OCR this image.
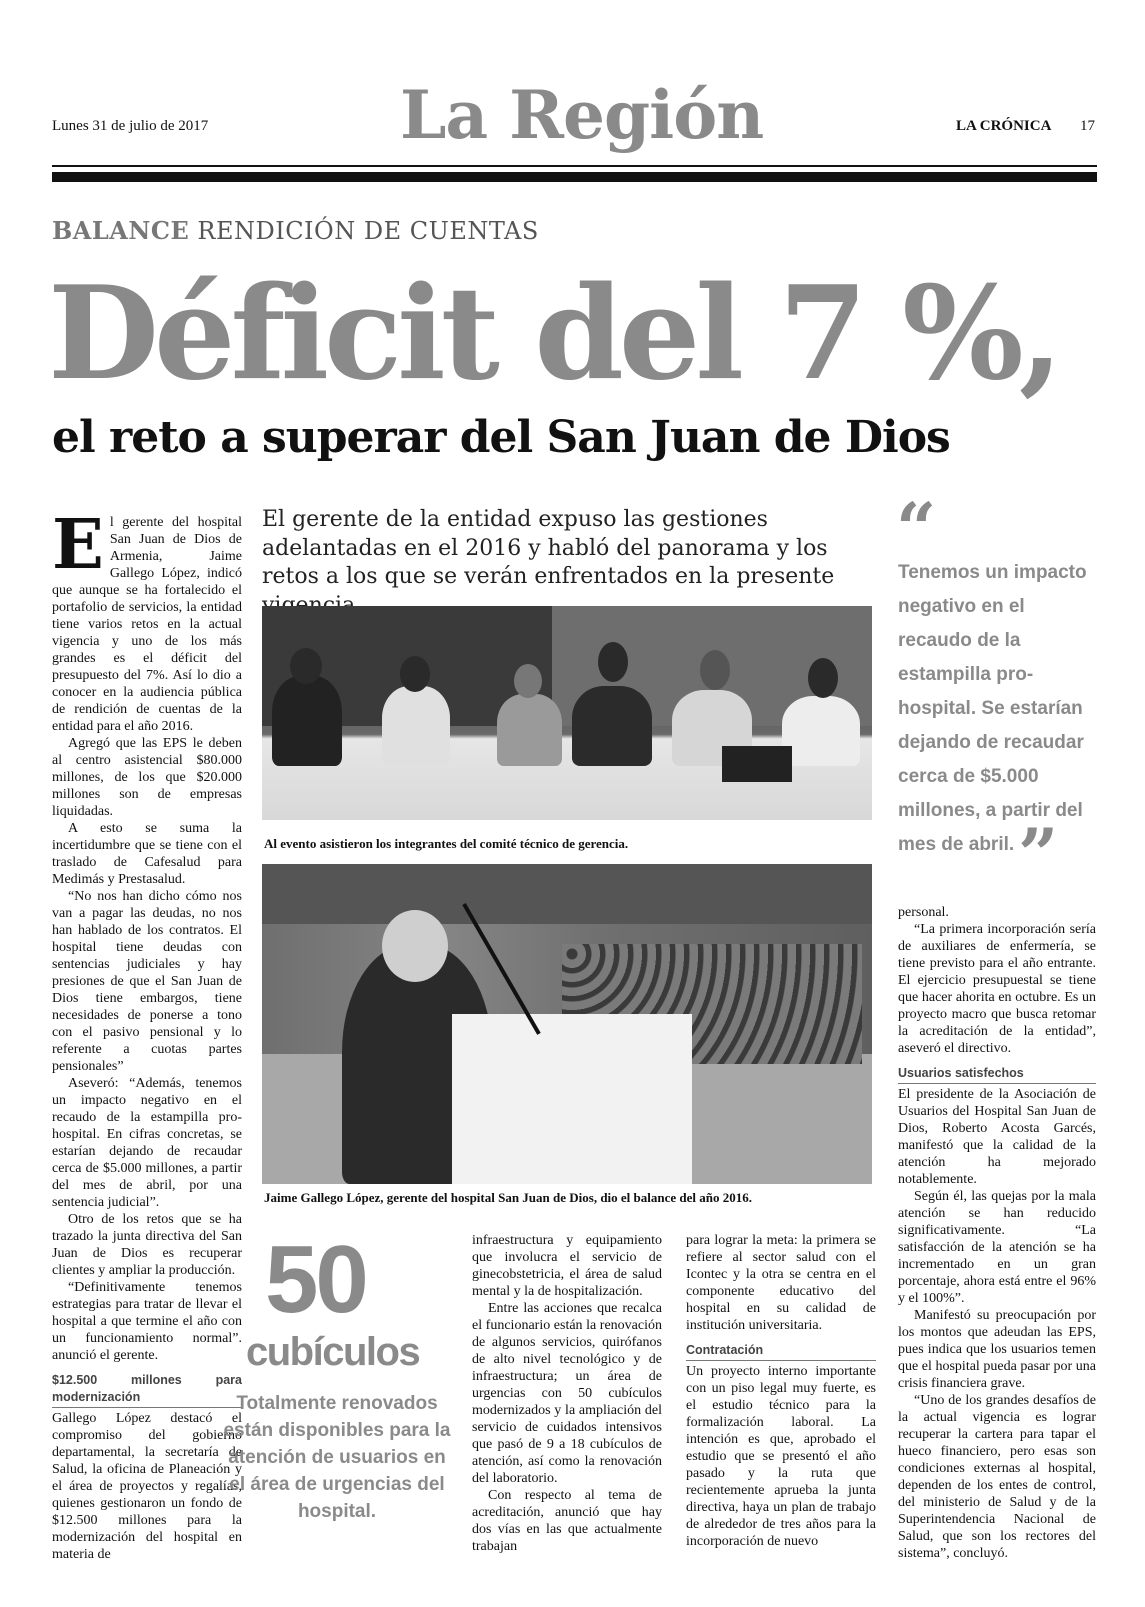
Lunes 31 de julio de 2017	La Región	LA CRÓNICA 17
BALANCE RENDICIÓN DE CUENTAS
Déficit del 7 %,
el reto a superar del San Juan de Dios
El gerente de la entidad expuso las gestiones adelantadas en el 2016 y habló del panorama y los retos a los que se verán enfrentados en la presente

El gerente del hospital San Juan de Dios de Armenia, Jaime Gallego López, indicó que aunque se ha fortalecido el portafolio de servicios, la entidad tiene varios retos en la actual vigencia y uno de los más grandes es el déficit del presupuesto del 7%. Así lo dio a conocer en la audiencia pública de rendición de cuentas de la entidad para el año 2016.

Agregó que las EPS le deben al centro asistencial $80.000 millones, de los que $20.000 millones son de empresas liquidadas.

A esto se suma la incertidumbre que se tiene con el traslado de Cafesalud para Medimás y Prestasalud.

“No nos han dicho cómo nos van a pagar las deudas, no nos han hablado de los contratos. El hospital tiene deudas con sentencias judiciales y hay presiones de que el San Juan de Dios tiene embargos, tiene necesidades de ponerse a tono con el pasivo pensional y lo referente a cuotas partes pensionales”

Aseveró: “Además, tenemos un impacto negativo en el recaudo de la estampilla pro-hospital. En cifras concretas, se estarían dejando de recaudar cerca de $5.000 millones, a partir del mes de abril, por una sentencia judicial”.

Otro de los retos que se ha trazado la junta directiva del San Juan de Dios es recuperar clientes y ampliar la producción.

“Definitivamente tenemos estrategias para tratar de llevar el hospital a que termine el año con un funcionamiento normal”. anunció el gerente.

$12.500 millones para modernización

Gallego López destacó el compromiso del gobierno departamental, la secretaría de Salud, la oficina de Planeación y el área de proyectos y regalías, quienes gestionaron un fondo de $12.500 millones para la modernización del hospital en materia de

Al evento asistieron los integrantes del comité técnico de gerencia.
Jaime Gallego López, gerente del hospital San Juan de Dios, dio el balance del año 2016.
“
Tenemos un impacto negativo en el recaudo de la estampilla pro-hospital. Se estarían dejando de recaudar cerca de $5.000 millones, a partir del mes de abril. ”

personal.

“La primera incorporación sería de auxiliares de enfermería, se tiene previsto para el año entrante. El ejercicio presupuestal se tiene que hacer ahorita en octubre. Es un proyecto macro que busca retomar la acreditación de la entidad”, aseveró el directivo.

Usuarios satisfechos

El presidente de la Asociación de Usuarios del Hospital San Juan de Dios, Roberto Acosta Garcés, manifestó que la calidad de la atención ha mejorado notablemente.

Según él, las quejas por la mala atención se han reducido significativamente. “La satisfacción de la atención se ha incrementado en un gran porcentaje, ahora está entre el 96% y el 100%”.

Manifestó su preocupación por los montos que adeudan las EPS, pues indica que los usuarios temen que el hospital pueda pasar por una crisis financiera grave.

“Uno de los grandes desafíos de la actual vigencia es lograr recuperar la cartera para tapar el hueco financiero, pero esas son condiciones externas al hospital, dependen de los entes de control, del ministerio de Salud y de la Superintendencia Nacional de Salud, que son los rectores del sistema”, concluyó.

50
cubículos
Totalmente renovados están disponibles para la atención de usuarios en el área de urgencias del hospital.

infraestructura y equipamiento que involucra el servicio de ginecobstetricia, el área de salud mental y la de hospitalización.

Entre las acciones que recalca el funcionario están la renovación de algunos servicios, quirófanos de alto nivel tecnológico y de infraestructura; un área de urgencias con 50 cubículos modernizados y la ampliación del servicio de cuidados intensivos que pasó de 9 a 18 cubículos de atención, así como la renovación del laboratorio.

Con respecto al tema de acreditación, anunció que hay dos vías en las que actualmente trabajan

para lograr la meta: la primera se refiere al sector salud con el Icontec y la otra se centra en el componente educativo del hospital en su calidad de institución universitaria.

Contratación

Un proyecto interno importante con un piso legal muy fuerte, es el estudio técnico para la formalización laboral. La intención es que, aprobado el estudio que se presentó el año pasado y la ruta que recientemente aprueba la junta directiva, haya un plan de trabajo de alrededor de tres años para la incorporación de nuevo
